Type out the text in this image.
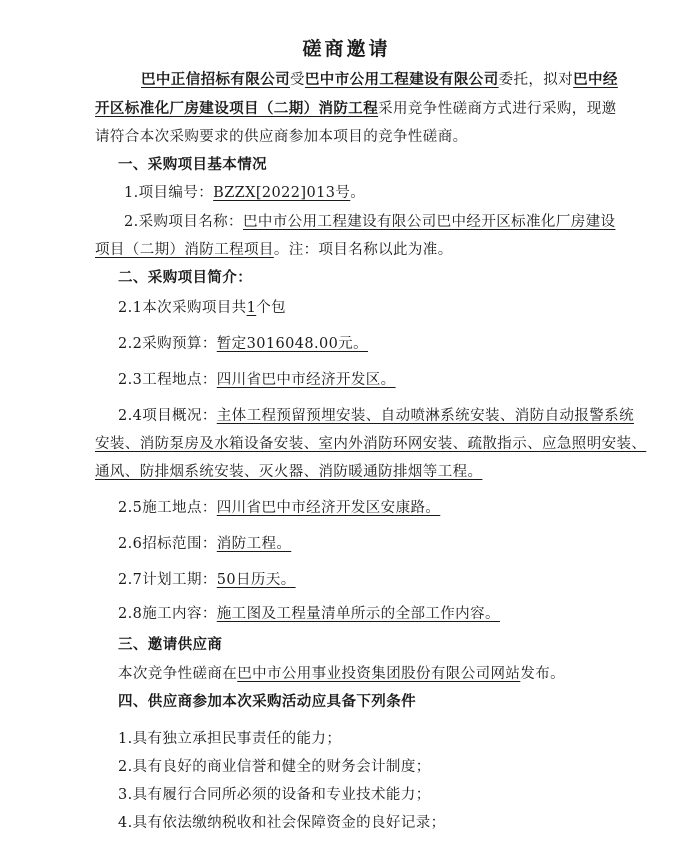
磋商邀请
巴中正信招标有限公司受巴中市公用工程建设有限公司委托，拟对巴中经
开区标准化厂房建设项目（二期）消防工程采用竞争性磋商方式进行采购，现邀
请符合本次采购要求的供应商参加本项目的竞争性磋商。
一、采购项目基本情况
1.项目编号：BZZX[2022]013号。
2.采购项目名称：巴中市公用工程建设有限公司巴中经开区标准化厂房建设
项目（二期）消防工程项目。注：项目名称以此为准。
二、采购项目简介：
2.1本次采购项目共1个包
2.2采购预算：暂定3016048.00元。
2.3工程地点：四川省巴中市经济开发区。
2.4项目概况：主体工程预留预埋安装、自动喷淋系统安装、消防自动报警系统
安装、消防泵房及水箱设备安装、室内外消防环网安装、疏散指示、应急照明安装、
通风、防排烟系统安装、灭火器、消防暖通防排烟等工程。
2.5施工地点：四川省巴中市经济开发区安康路。
2.6招标范围：消防工程。
2.7计划工期：50日历天。
2.8施工内容：施工图及工程量清单所示的全部工作内容。
三、邀请供应商
本次竞争性磋商在巴中市公用事业投资集团股份有限公司网站发布。
四、供应商参加本次采购活动应具备下列条件
1.具有独立承担民事责任的能力；
2.具有良好的商业信誉和健全的财务会计制度；
3.具有履行合同所必须的设备和专业技术能力；
4.具有依法缴纳税收和社会保障资金的良好记录；
